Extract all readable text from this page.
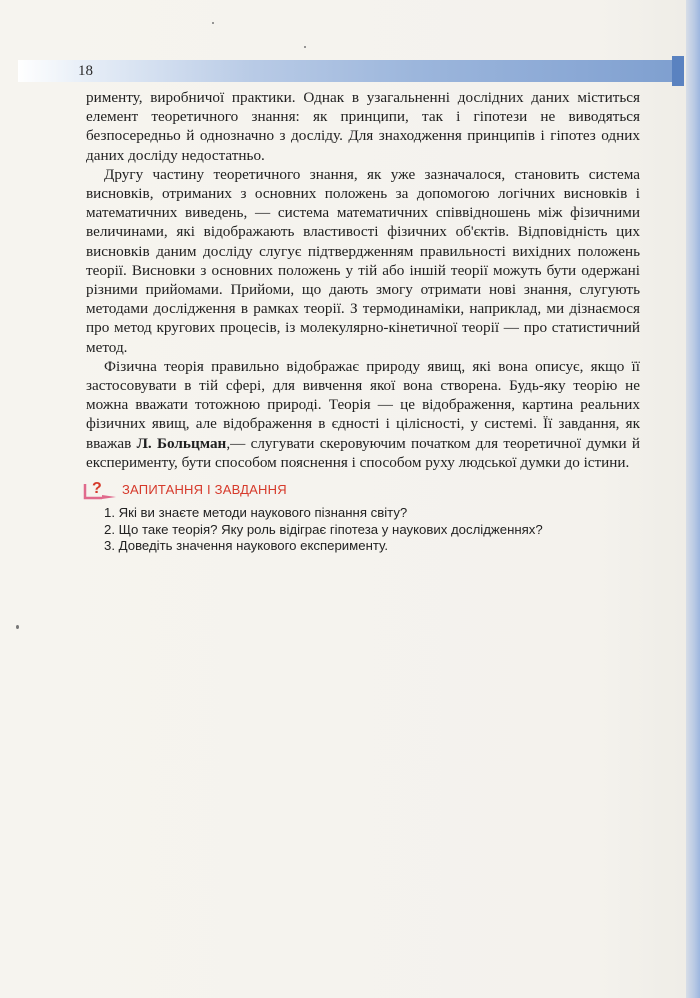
18

рименту, виробничої практики. Однак в узагальненні дослідних даних міститься елемент теоретичного знання: як принципи, так і гіпотези не виводяться безпосередньо й однозначно з досліду. Для знаходження принципів і гіпотез одних даних досліду недостатньо.

Другу частину теоретичного знання, як уже зазначалося, становить система висновків, отриманих з основних положень за допомогою логічних висновків і математичних виведень, — система математичних співвідношень між фізичними величинами, які відображають властивості фізичних об'єктів. Відповідність цих висновків даним досліду слугує підтвердженням правильності вихідних положень теорії. Висновки з основних положень у тій або іншій теорії можуть бути одержані різними прийомами. Прийоми, що дають змогу отримати нові знання, слугують методами дослідження в рамках теорії. З термодинаміки, наприклад, ми дізнаємося про метод кругових процесів, із молекулярно-кінетичної теорії — про статистичний метод.

Фізична теорія правильно відображає природу явищ, які вона описує, якщо її застосовувати в тій сфері, для вивчення якої вона створена. Будь-яку теорію не можна вважати тотожною природі. Теорія — це відображення, картина реальних фізичних явищ, але відображення в єдності і цілісності, у системі. Її завдання, як вважав Л. Больцман,— слугувати скеровуючим початком для теоретичної думки й експерименту, бути способом пояснення і способом руху людської думки до істини.

? ЗАПИТАННЯ І ЗАВДАННЯ
1. Які ви знаєте методи наукового пізнання світу?
2. Що таке теорія? Яку роль відіграє гіпотеза у наукових дослідженнях?
3. Доведіть значення наукового експерименту.
